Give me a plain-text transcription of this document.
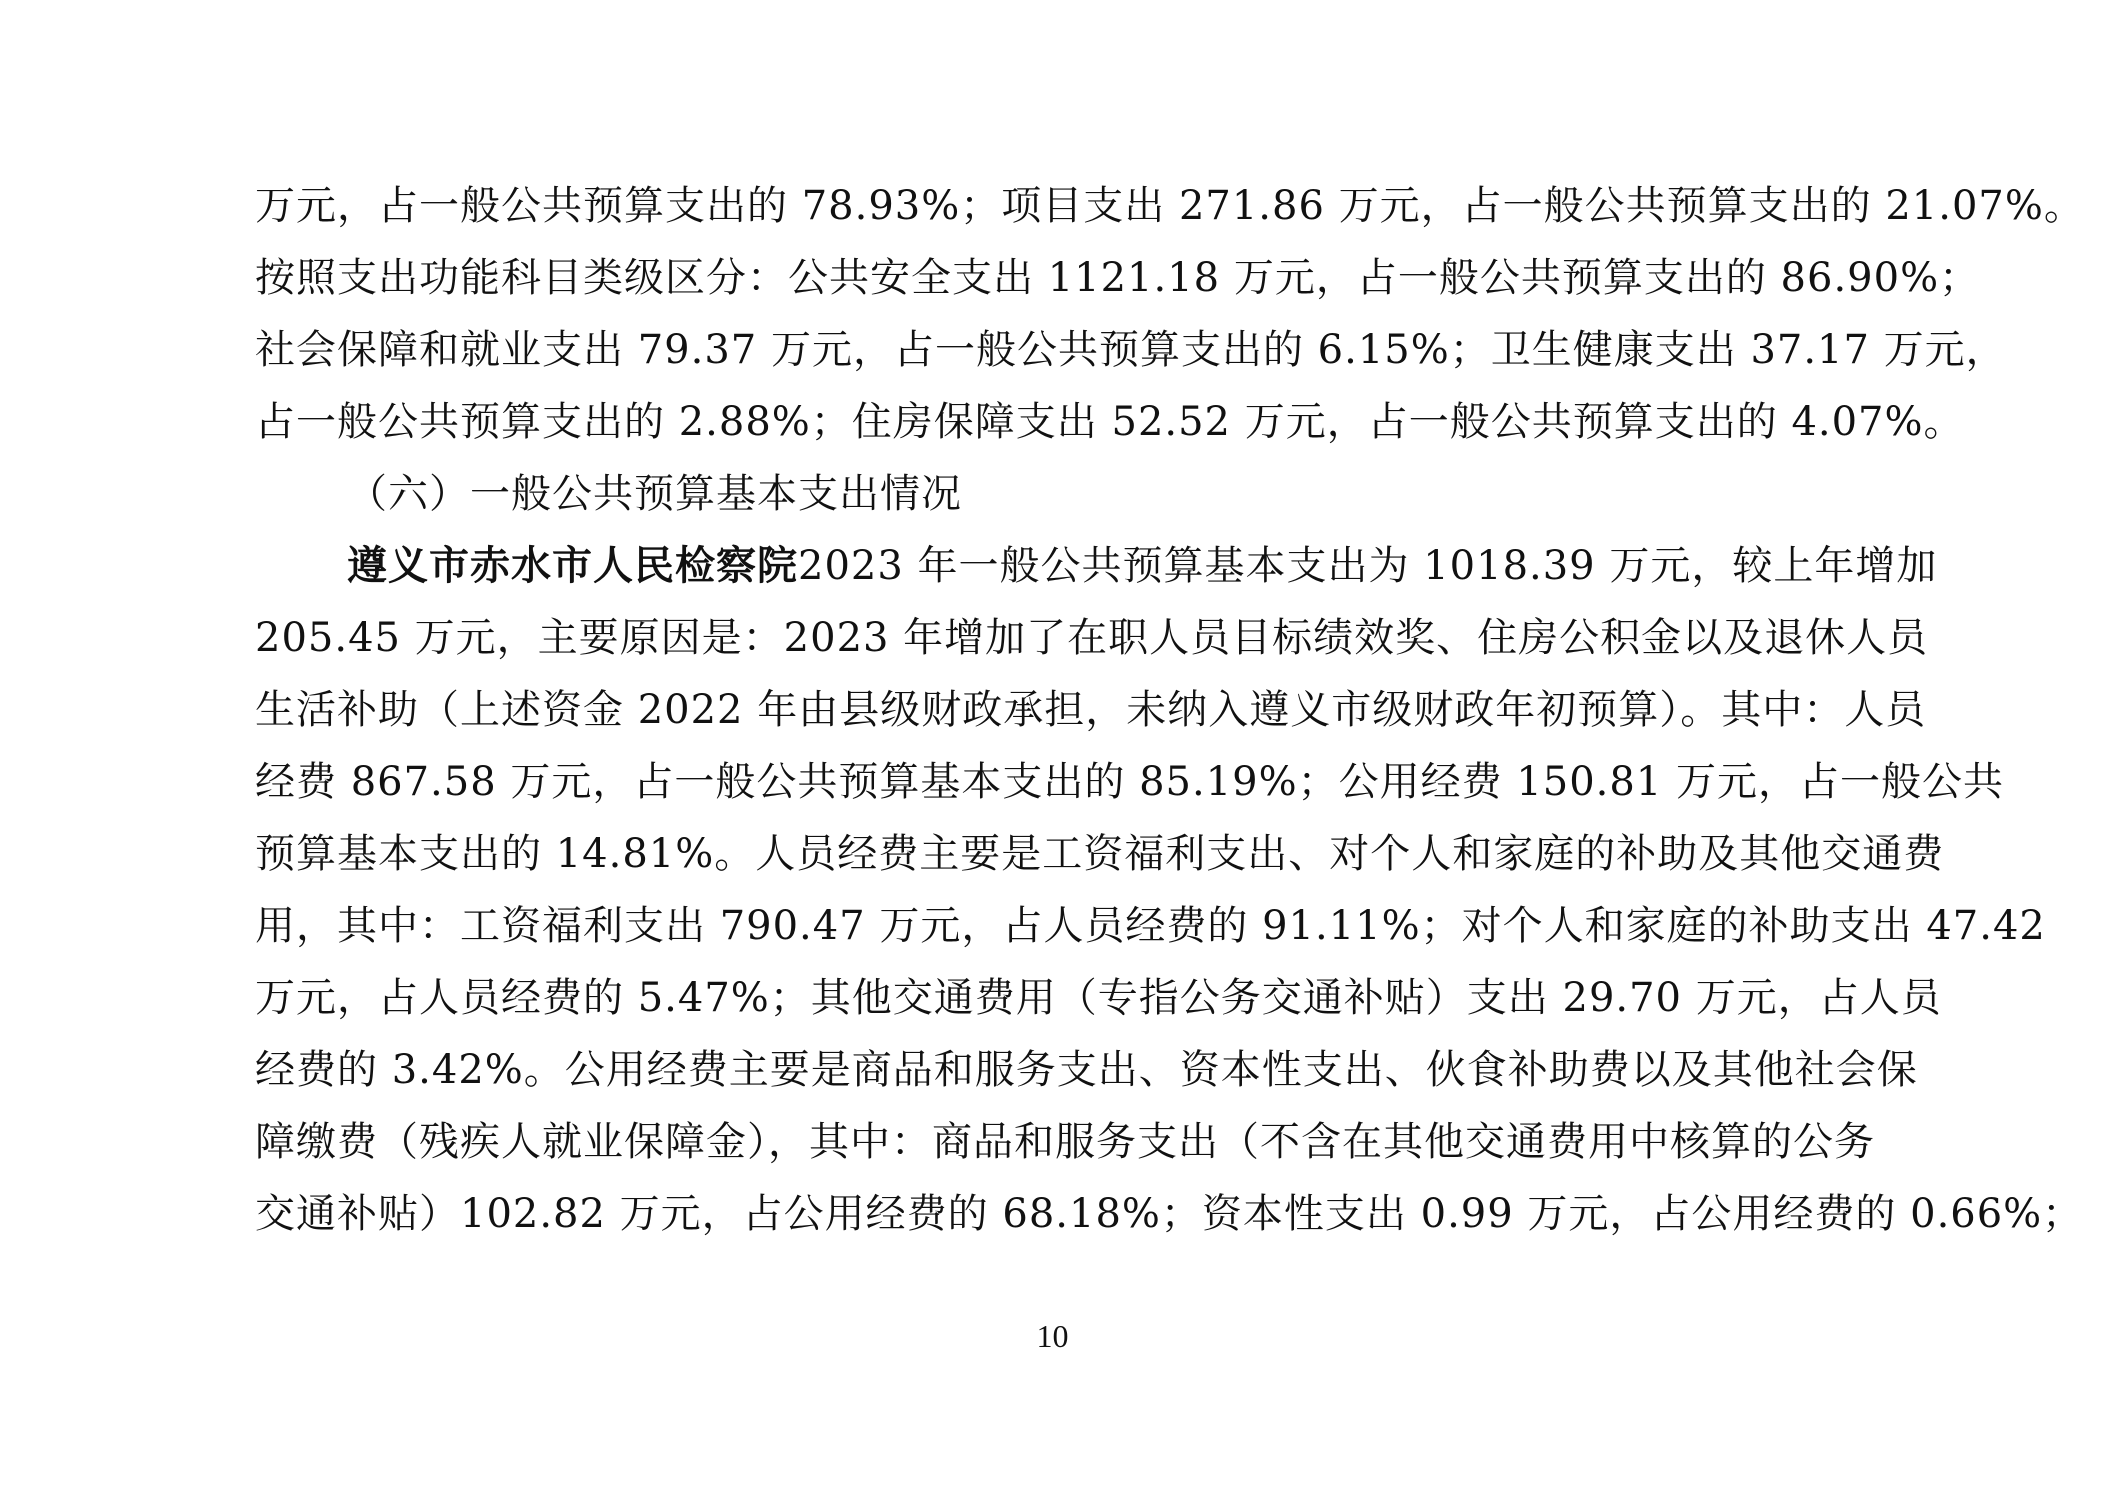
万元，占一般公共预算支出的 78.93%；项目支出 271.86 万元，占一般公共预算支出的 21.07%。
按照支出功能科目类级区分：公共安全支出 1121.18 万元，占一般公共预算支出的 86.90%；
社会保障和就业支出 79.37 万元，占一般公共预算支出的 6.15%；卫生健康支出 37.17 万元，
占一般公共预算支出的 2.88%；住房保障支出 52.52 万元，占一般公共预算支出的 4.07%。
（六）一般公共预算基本支出情况
遵义市赤水市人民检察院2023 年一般公共预算基本支出为 1018.39 万元，较上年增加
205.45 万元，主要原因是：2023 年增加了在职人员目标绩效奖、住房公积金以及退休人员
生活补助（上述资金 2022 年由县级财政承担，未纳入遵义市级财政年初预算）。其中：人员
经费 867.58 万元，占一般公共预算基本支出的 85.19%；公用经费 150.81 万元，占一般公共
预算基本支出的 14.81%。人员经费主要是工资福利支出、对个人和家庭的补助及其他交通费
用，其中：工资福利支出 790.47 万元，占人员经费的 91.11%；对个人和家庭的补助支出 47.42
万元，占人员经费的 5.47%；其他交通费用（专指公务交通补贴）支出 29.70 万元，占人员
经费的 3.42%。公用经费主要是商品和服务支出、资本性支出、伙食补助费以及其他社会保
障缴费（残疾人就业保障金），其中：商品和服务支出（不含在其他交通费用中核算的公务
交通补贴）102.82 万元，占公用经费的 68.18%；资本性支出 0.99 万元，占公用经费的 0.66%；
10
